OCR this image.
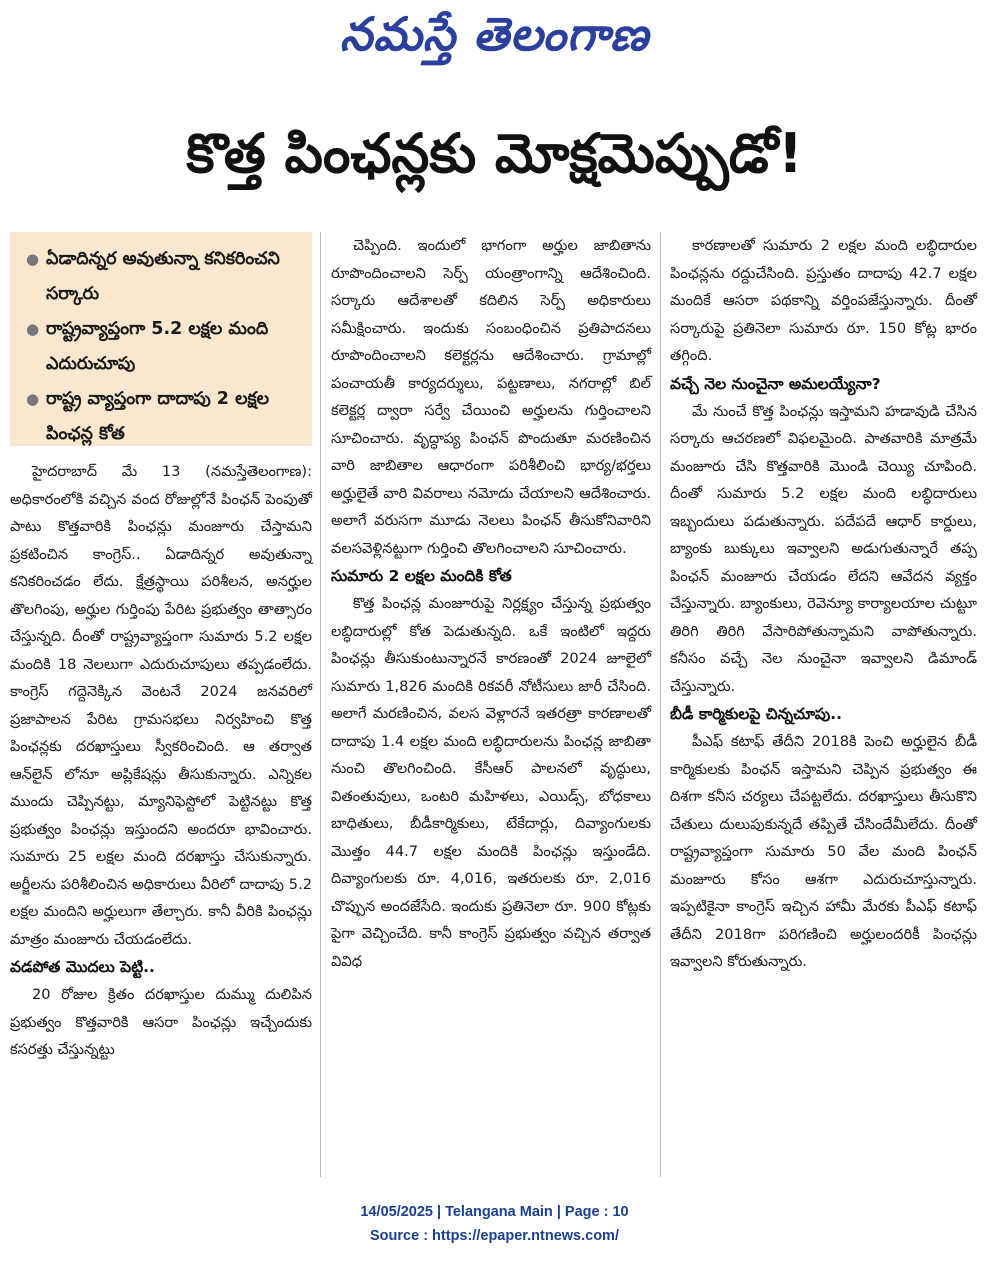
నమస్తే తెలంగాణ
కొత్త పింఛన్లకు మోక్షమెప్పుడో!
● ఏడాదిన్నర అవుతున్నా కనికరించని సర్కారు
● రాష్ట్రవ్యాప్తంగా 5.2 లక్షల మంది ఎదురుచూపు
● రాష్ట్ర వ్యాప్తంగా దాదాపు 2 లక్షల పింఛన్ల కోత

హైదరాబాద్ మే 13 (నమస్తేతెలంగాణ): అధికారంలోకి వచ్చిన వంద రోజుల్లోనే పింఛన్ పెంపుతో పాటు కొత్తవారికి పింఛన్లు మంజూరు చేస్తామని ప్రకటించిన కాంగ్రెస్.. ఏడాదిన్నర అవుతున్నా కనికరించడం లేదు. క్షేత్రస్థాయి పరిశీలన, అనర్హుల తొలగింపు, అర్హుల గుర్తింపు పేరిట ప్రభుత్వం తాత్సారం చేస్తున్నది. దీంతో రాష్ట్రవ్యాప్తంగా సుమారు 5.2 లక్షల మందికి 18 నెలలుగా ఎదురుచూపులు తప్పడంలేదు. కాంగ్రెస్ గద్దెనెక్కిన వెంటనే 2024 జనవరిలో ప్రజాపాలన పేరిట గ్రామసభలు నిర్వహించి కొత్త పింఛన్లకు దరఖాస్తులు స్వీకరించింది. ఆ తర్వాత ఆన్‌లైన్ లోనూ అప్లికేషన్లు తీసుకున్నారు. ఎన్నికల ముందు చెప్పినట్టు, మ్యానిఫెస్టోలో పెట్టినట్టు కొత్త ప్రభుత్వం పింఛన్లు ఇస్తుందని అందరూ భావించారు. సుమారు 25 లక్షల మంది దరఖాస్తు చేసుకున్నారు. అర్జీలను పరిశీలించిన అధికారులు వీరిలో దాదాపు 5.2 లక్షల మందిని అర్హులుగా తేల్చారు. కానీ వీరికి పింఛన్లు మాత్రం మంజూరు చేయడంలేదు.

వడపోత మొదలు పెట్టి..

20 రోజుల క్రితం దరఖాస్తుల దుమ్ము దులిపిన ప్రభుత్వం కొత్తవారికి ఆసరా పింఛన్లు ఇచ్చేందుకు కసరత్తు చేస్తున్నట్టు

చెప్పింది. ఇందులో భాగంగా అర్హుల జాబితాను రూపొందించాలని సెర్ప్ యంత్రాంగాన్ని ఆదేశించింది. సర్కారు ఆదేశాలతో కదిలిన సెర్ప్ అధికారులు సమీక్షించారు. ఇందుకు సంబంధించిన ప్రతిపాదనలు రూపొందించాలని కలెక్టర్లను ఆదేశించారు. గ్రామాల్లో పంచాయతీ కార్యదర్శులు, పట్టణాలు, నగరాల్లో బిల్ కలెక్టర్ల ద్వారా సర్వే చేయించి అర్హులను గుర్తించాలని సూచించారు. వృద్ధాప్య పింఛన్ పొందుతూ మరణించిన వారి జాబితాల ఆధారంగా పరిశీలించి భార్య/భర్తలు అర్హులైతే వారి వివరాలు నమోదు చేయాలని ఆదేశించారు. అలాగే వరుసగా మూడు నెలలు పింఛన్ తీసుకోనివారిని వలసవెళ్లినట్టుగా గుర్తించి తొలగించాలని సూచించారు.

సుమారు 2 లక్షల మందికి కోత

కొత్త పింఛన్ల మంజూరుపై నిర్లక్ష్యం చేస్తున్న ప్రభుత్వం లబ్ధిదారుల్లో కోత పెడుతున్నది. ఒకే ఇంటిలో ఇద్దరు పింఛన్లు తీసుకుంటున్నారనే కారణంతో 2024 జూలైలో సుమారు 1,826 మందికి రికవరీ నోటీసులు జారీ చేసింది. అలాగే మరణించిన, వలస వెళ్లారనే ఇతరత్రా కారణాలతో దాదాపు 1.4 లక్షల మంది లబ్ధిదారులను పింఛన్ల జాబితా నుంచి తొలగించింది. కేసీఆర్ పాలనలో వృద్ధులు, వితంతువులు, ఒంటరి మహిళలు, ఎయిడ్స్, బోధకాలు బాధితులు, బీడీకార్మికులు, టేకేదార్లు, దివ్యాంగులకు మొత్తం 44.7 లక్షల మందికి పింఛన్లు ఇస్తుండేది. దివ్యాంగులకు రూ. 4,016, ఇతరులకు రూ. 2,016 చొప్పున అందజేసేది. ఇందుకు ప్రతినెలా రూ. 900 కోట్లకు పైగా వెచ్చించేది. కానీ కాంగ్రెస్ ప్రభుత్వం వచ్చిన తర్వాత వివిధ

కారణాలతో సుమారు 2 లక్షల మంది లబ్ధిదారుల పింఛన్లను రద్దుచేసింది. ప్రస్తుతం దాదాపు 42.7 లక్షల మందికే ఆసరా పథకాన్ని వర్తింపజేస్తున్నారు. దీంతో సర్కారుపై ప్రతినెలా సుమారు రూ. 150 కోట్ల భారం తగ్గింది.

వచ్చే నెల నుంచైనా అమలయ్యేనా?

మే నుంచే కొత్త పింఛన్లు ఇస్తామని హడావుడి చేసిన సర్కారు ఆచరణలో విఫలమైంది. పాతవారికి మాత్రమే మంజూరు చేసి కొత్తవారికి మొండి చెయ్యి చూపింది. దీంతో సుమారు 5.2 లక్షల మంది లబ్ధిదారులు ఇబ్బందులు పడుతున్నారు. పదేపదే ఆధార్ కార్డులు, బ్యాంకు బుక్కులు ఇవ్వాలని అడుగుతున్నారే తప్ప పింఛన్ మంజూరు చేయడం లేదని ఆవేదన వ్యక్తం చేస్తున్నారు. బ్యాంకులు, రెవెన్యూ కార్యాలయాల చుట్టూ తిరిగి తిరిగి వేసారిపోతున్నామని వాపోతున్నారు. కనీసం వచ్చే నెల నుంచైనా ఇవ్వాలని డిమాండ్ చేస్తున్నారు.

బీడీ కార్మికులపై చిన్నచూపు..

పీఎఫ్ కటాఫ్ తేదీని 2018కి పెంచి అర్హులైన బీడీ కార్మికులకు పింఛన్ ఇస్తామని చెప్పిన ప్రభుత్వం ఈ దిశగా కనీస చర్యలు చేపట్టలేదు. దరఖాస్తులు తీసుకొని చేతులు దులుపుకున్నదే తప్పితే చేసిందేమీలేదు. దీంతో రాష్ట్రవ్యాప్తంగా సుమారు 50 వేల మంది పింఛన్ మంజూరు కోసం ఆశగా ఎదురుచూస్తున్నారు. ఇప్పటికైనా కాంగ్రెస్ ఇచ్చిన హామీ మేరకు పీఎఫ్ కటాఫ్ తేదీని 2018గా పరిగణించి అర్హులందరికీ పింఛన్లు ఇవ్వాలని కోరుతున్నారు.

14/05/2025 | Telangana Main | Page : 10
Source : https://epaper.ntnews.com/
